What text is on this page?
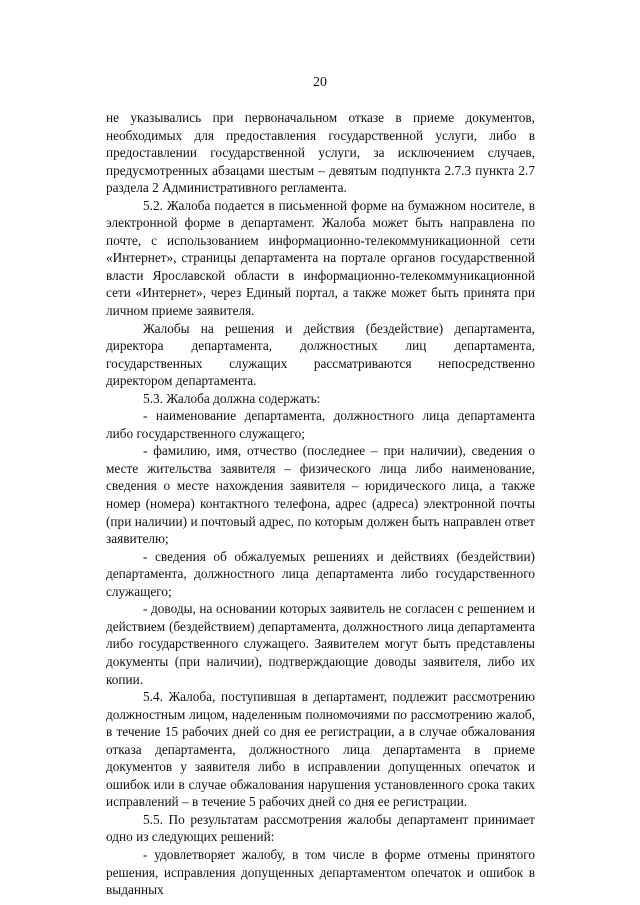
20

не указывались при первоначальном отказе в приеме документов, необходимых для предоставления государственной услуги, либо в предоставлении государственной услуги, за исключением случаев, предусмотренных абзацами шестым – девятым подпункта 2.7.3 пункта 2.7 раздела 2 Административного регламента.

5.2. Жалоба подается в письменной форме на бумажном носителе, в электронной форме в департамент. Жалоба может быть направлена по почте, с использованием информационно-телекоммуникационной сети «Интернет», страницы департамента на портале органов государственной власти Ярославской области в информационно-телекоммуникационной сети «Интернет», через Единый портал, а также может быть принята при личном приеме заявителя.

Жалобы на решения и действия (бездействие) департамента, директора департамента, должностных лиц департамента, государственных служащих рассматриваются непосредственно директором департамента.

5.3. Жалоба должна содержать:

- наименование департамента, должностного лица департамента либо государственного служащего;

- фамилию, имя, отчество (последнее – при наличии), сведения о месте жительства заявителя – физического лица либо наименование, сведения о месте нахождения заявителя – юридического лица, а также номер (номера) контактного телефона, адрес (адреса) электронной почты (при наличии) и почтовый адрес, по которым должен быть направлен ответ заявителю;

- сведения об обжалуемых решениях и действиях (бездействии) департамента, должностного лица департамента либо государственного служащего;

- доводы, на основании которых заявитель не согласен с решением и действием (бездействием) департамента, должностного лица департамента либо государственного служащего. Заявителем могут быть представлены документы (при наличии), подтверждающие доводы заявителя, либо их копии.

5.4. Жалоба, поступившая в департамент, подлежит рассмотрению должностным лицом, наделенным полномочиями по рассмотрению жалоб, в течение 15 рабочих дней со дня ее регистрации, а в случае обжалования отказа департамента, должностного лица департамента в приеме документов у заявителя либо в исправлении допущенных опечаток и ошибок или в случае обжалования нарушения установленного срока таких исправлений – в течение 5 рабочих дней со дня ее регистрации.

5.5. По результатам рассмотрения жалобы департамент принимает одно из следующих решений:

- удовлетворяет жалобу, в том числе в форме отмены принятого решения, исправления допущенных департаментом опечаток и ошибок в выданных
